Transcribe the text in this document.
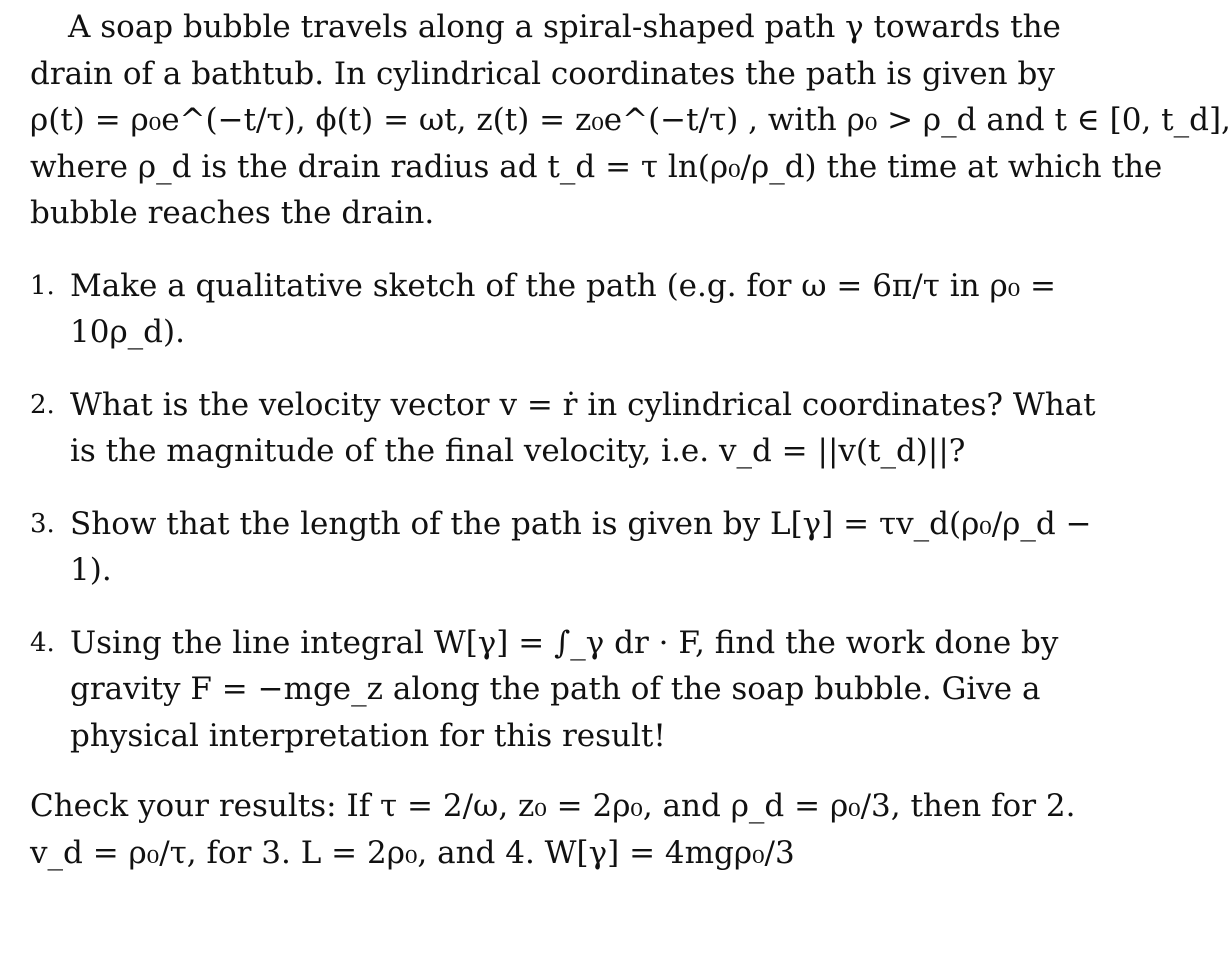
A soap bubble travels along a spiral-shaped path γ towards the
drain of a bathtub. In cylindrical coordinates the path is given by
ρ(t) = ρ₀e^(−t/τ), ϕ(t) = ωt, z(t) = z₀e^(−t/τ) , with ρ₀ > ρ_d and t ∈ [0, t_d],
where ρ_d is the drain radius ad t_d = τ ln(ρ₀/ρ_d) the time at which the
bubble reaches the drain.
1. Make a qualitative sketch of the path (e.g. for ω = 6π/τ in ρ₀ =
10ρ_d).
2. What is the velocity vector v = ṙ in cylindrical coordinates? What
is the magnitude of the final velocity, i.e. v_d = ||v(t_d)||?
3. Show that the length of the path is given by L[γ] = τv_d(ρ₀/ρ_d −
1).
4. Using the line integral W[γ] = ∫_γ dr · F, find the work done by
gravity F = −mge_z along the path of the soap bubble. Give a
physical interpretation for this result!
Check your results: If τ = 2/ω, z₀ = 2ρ₀, and ρ_d = ρ₀/3, then for 2.
v_d = ρ₀/τ, for 3. L = 2ρ₀, and 4. W[γ] = 4mgρ₀/3
